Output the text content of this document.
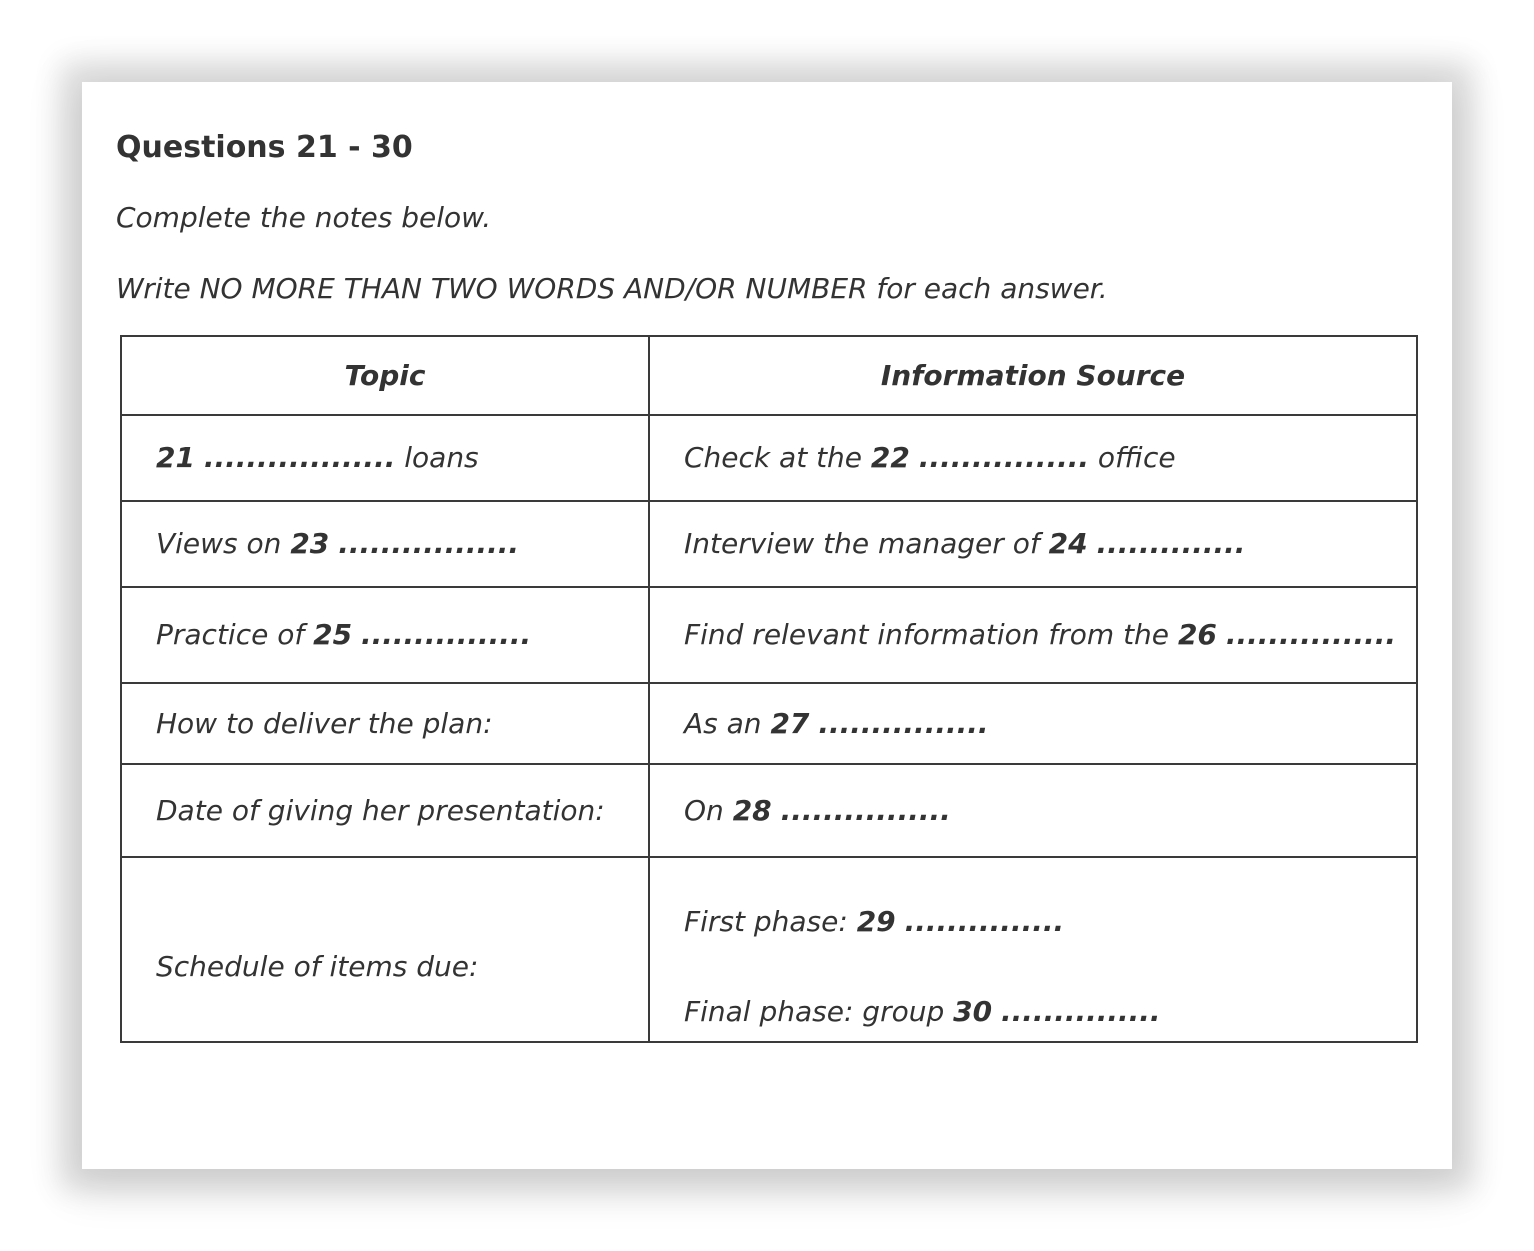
Questions 21 - 30
Complete the notes below.
Write NO MORE THAN TWO WORDS AND/OR NUMBER for each answer.
Topic	Information Source
21 .................. loans	Check at the 22 ................ office
Views on 23 .................	Interview the manager of 24 ..............
Practice of 25 ................	Find relevant information from the 26 ................
How to deliver the plan:	As an 27 ................
Date of giving her presentation:	On 28 ................
Schedule of items due:	First phase: 29 ...............
Final phase: group 30 ...............
